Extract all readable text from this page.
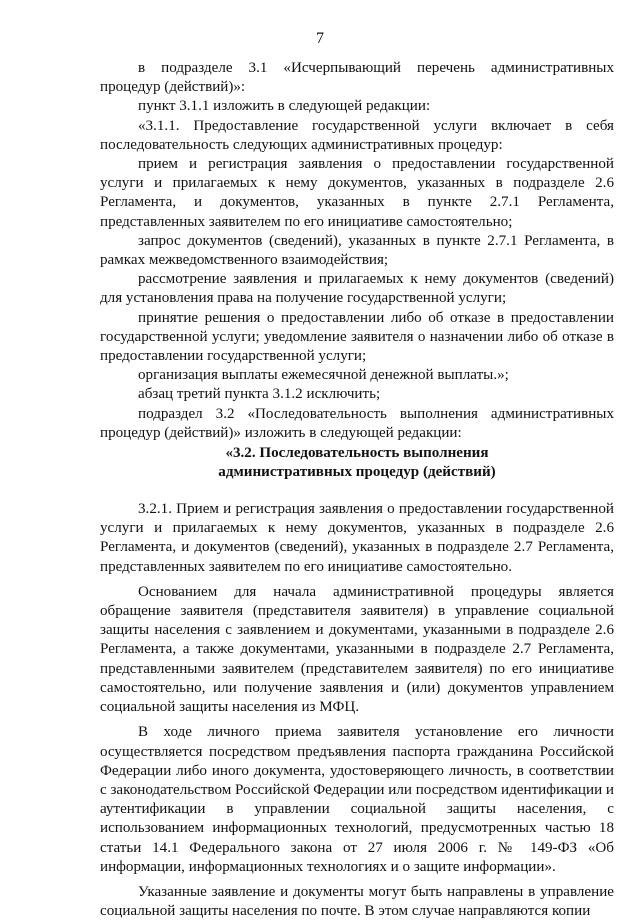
7

в подразделе 3.1 «Исчерпывающий перечень административных процедур (действий)»:

пункт 3.1.1 изложить в следующей редакции:

«3.1.1. Предоставление государственной услуги включает в себя последовательность следующих административных процедур:

прием и регистрация заявления о предоставлении государственной услуги и прилагаемых к нему документов, указанных в подразделе 2.6 Регламента, и документов, указанных в пункте 2.7.1 Регламента, представленных заявителем по его инициативе самостоятельно;

запрос документов (сведений), указанных в пункте 2.7.1 Регламента, в рамках межведомственного взаимодействия;

рассмотрение заявления и прилагаемых к нему документов (сведений) для установления права на получение государственной услуги;

принятие решения о предоставлении либо об отказе в предоставлении государственной услуги; уведомление заявителя о назначении либо об отказе в предоставлении государственной услуги;

организация выплаты ежемесячной денежной выплаты.»;

абзац третий пункта 3.1.2 исключить;

подраздел 3.2 «Последовательность выполнения административных процедур (действий)» изложить в следующей редакции:

«3.2. Последовательность выполнения
административных процедур (действий)

3.2.1. Прием и регистрация заявления о предоставлении государственной услуги и прилагаемых к нему документов, указанных в подразделе 2.6 Регламента, и документов (сведений), указанных в подразделе 2.7 Регламента, представленных заявителем по его инициативе самостоятельно.

Основанием для начала административной процедуры является обращение заявителя (представителя заявителя) в управление социальной защиты населения с заявлением и документами, указанными в подразделе 2.6 Регламента, а также документами, указанными в подразделе 2.7 Регламента, представленными заявителем (представителем заявителя) по его инициативе самостоятельно, или получение заявления и (или) документов управлением социальной защиты населения из МФЦ.

В ходе личного приема заявителя установление его личности осуществляется посредством предъявления паспорта гражданина Российской Федерации либо иного документа, удостоверяющего личность, в соответствии с законодательством Российской Федерации или посредством идентификации и аутентификации в управлении социальной защиты населения, с использованием информационных технологий, предусмотренных частью 18 статьи 14.1 Федерального закона от 27 июля 2006 г. № 149-ФЗ «Об информации, информационных технологиях и о защите информации».

Указанные заявление и документы могут быть направлены в управление социальной защиты населения по почте. В этом случае направляются копии
